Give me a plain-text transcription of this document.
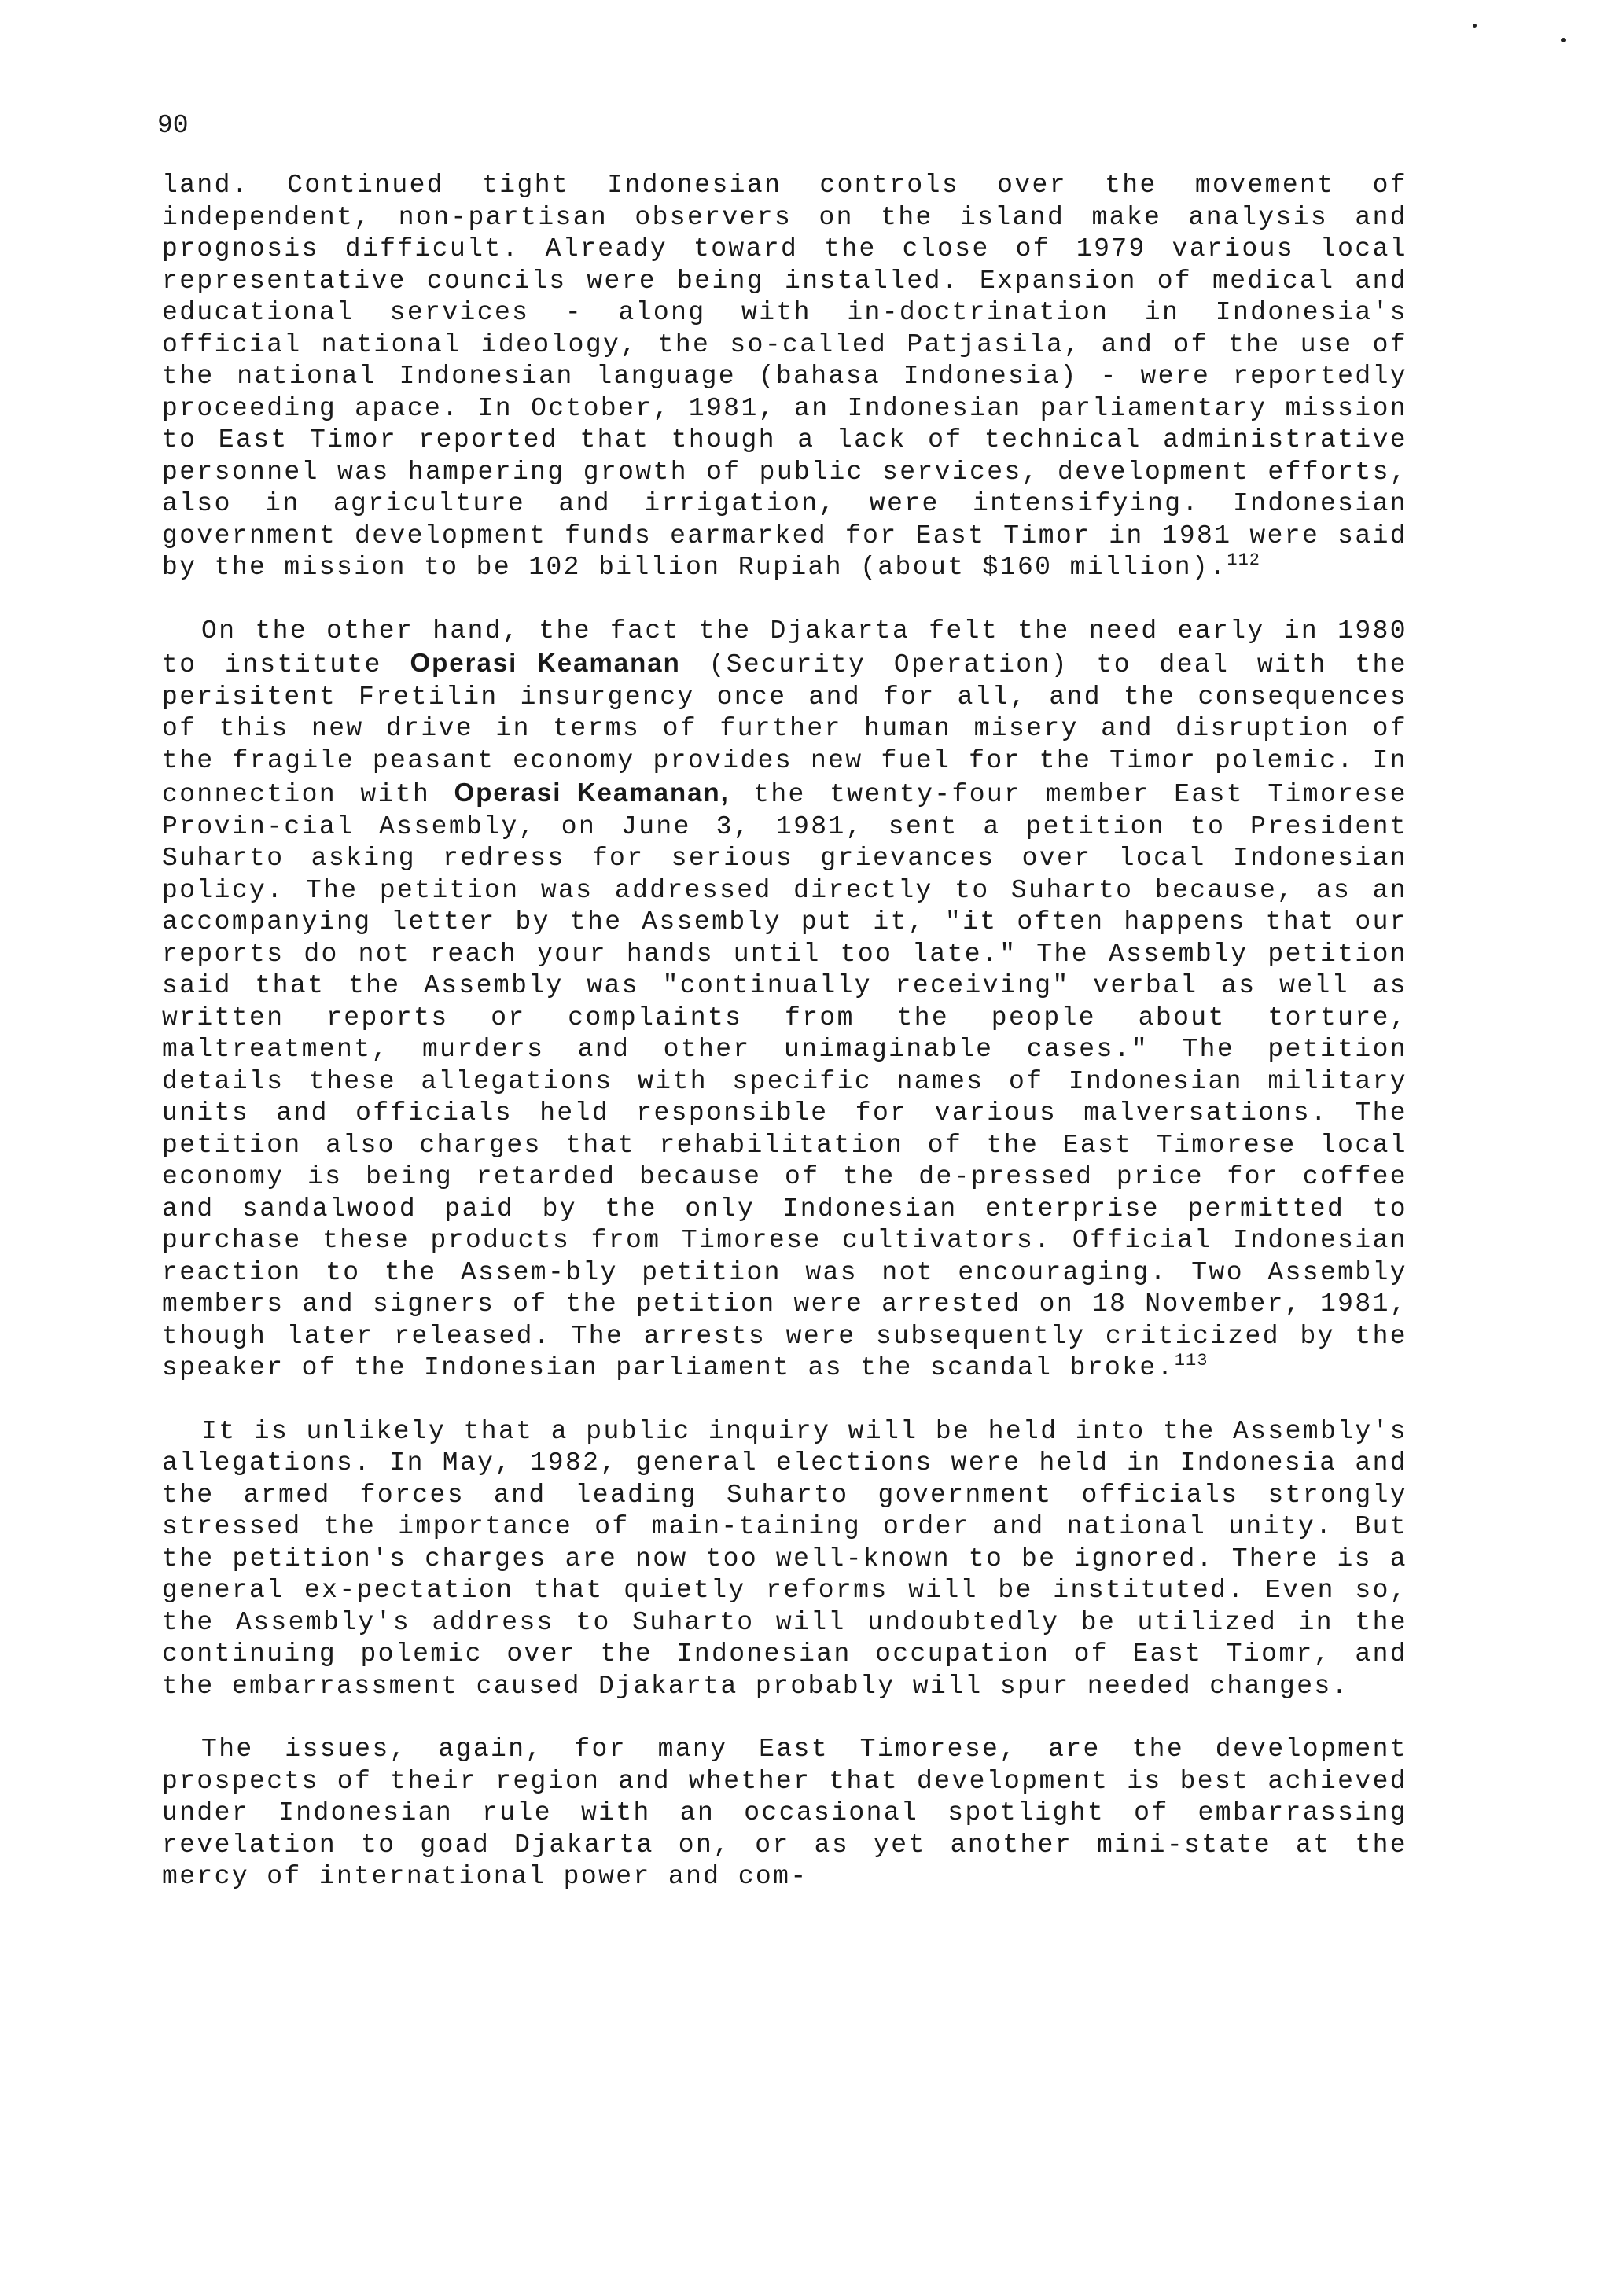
90

land. Continued tight Indonesian controls over the movement of independent, non-partisan observers on the island make analysis and prognosis difficult. Already toward the close of 1979 various local representative councils were being installed. Expansion of medical and educational services - along with in-doctrination in Indonesia's official national ideology, the so-called Patjasila, and of the use of the national Indonesian language (bahasa Indonesia) - were reportedly proceeding apace. In October, 1981, an Indonesian parliamentary mission to East Timor reported that though a lack of technical administrative personnel was hampering growth of public services, development efforts, also in agriculture and irrigation, were intensifying. Indonesian government development funds earmarked for East Timor in 1981 were said by the mission to be 102 billion Rupiah (about $160 million).$^{112}$

On the other hand, the fact the Djakarta felt the need early in 1980 to institute Operasi Keamanan (Security Operation) to deal with the perisitent Fretilin insurgency once and for all, and the consequences of this new drive in terms of further human misery and disruption of the fragile peasant economy provides new fuel for the Timor polemic. In connection with Operasi Keamanan, the twenty-four member East Timorese Provin-cial Assembly, on June 3, 1981, sent a petition to President Suharto asking redress for serious grievances over local Indonesian policy. The petition was addressed directly to Suharto because, as an accompanying letter by the Assembly put it, "it often happens that our reports do not reach your hands until too late." The Assembly petition said that the Assembly was "continually receiving" verbal as well as written reports or complaints from the people about torture, maltreatment, murders and other unimaginable cases." The petition details these allegations with specific names of Indonesian military units and officials held responsible for various malversations. The petition also charges that rehabilitation of the East Timorese local economy is being retarded because of the de-pressed price for coffee and sandalwood paid by the only Indonesian enterprise permitted to purchase these products from Timorese cultivators. Official Indonesian reaction to the Assem-bly petition was not encouraging. Two Assembly members and signers of the petition were arrested on 18 November, 1981, though later released. The arrests were subsequently criticized by the speaker of the Indonesian parliament as the scandal broke.$^{113}$

It is unlikely that a public inquiry will be held into the Assembly's allegations. In May, 1982, general elections were held in Indonesia and the armed forces and leading Suharto government officials strongly stressed the importance of main-taining order and national unity. But the petition's charges are now too well-known to be ignored. There is a general ex-pectation that quietly reforms will be instituted. Even so, the Assembly's address to Suharto will undoubtedly be utilized in the continuing polemic over the Indonesian occupation of East Tiomr, and the embarrassment caused Djakarta probably will spur needed changes.

The issues, again, for many East Timorese, are the development prospects of their region and whether that development is best achieved under Indonesian rule with an occasional spotlight of embarrassing revelation to goad Djakarta on, or as yet another mini-state at the mercy of international power and com-
